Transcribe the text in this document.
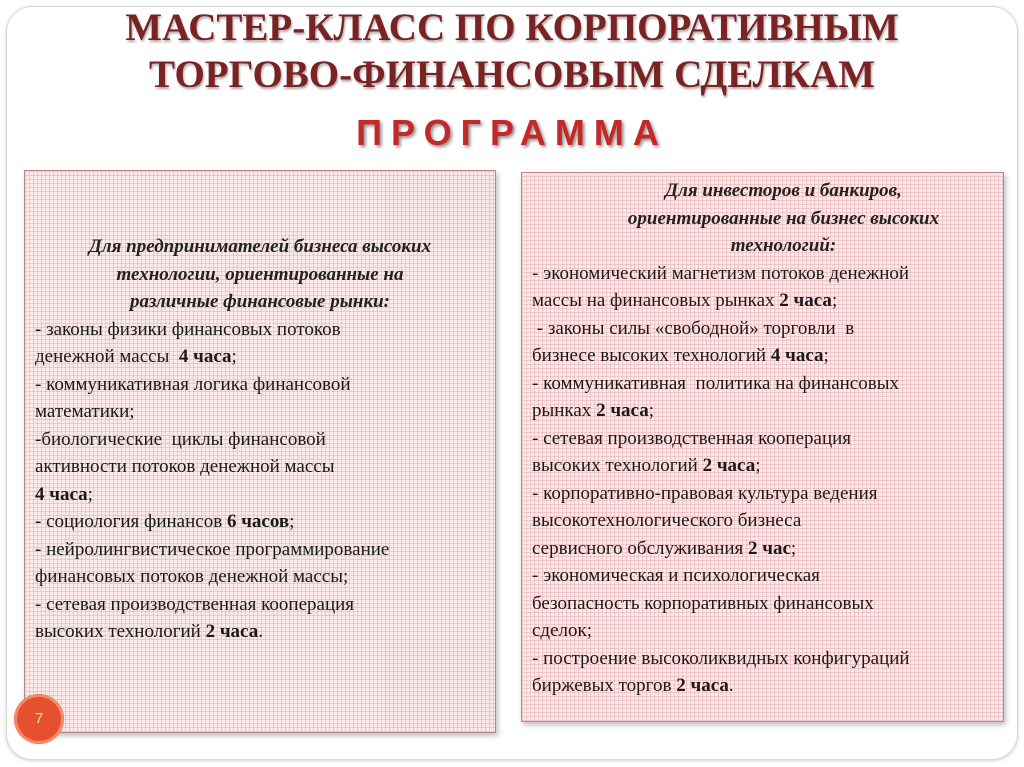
МАСТЕР-КЛАСС ПО КОРПОРАТИВНЫМ
ТОРГОВО-ФИНАНСОВЫМ СДЕЛКАМ
ПРОГРАММА
Для предпринимателей бизнеса высоких
технологии, ориентированные на
различные финансовые рынки:
- законы физики финансовых потоков
денежной массы  4 часа;
- коммуникативная логика финансовой
математики;
-биологические  циклы финансовой
активности потоков денежной массы
4 часа;
- социология финансов 6 часов;
- нейролингвистическое программирование
финансовых потоков денежной массы;
- сетевая производственная кооперация
высоких технологий 2 часа.
Для инвесторов и банкиров,
ориентированные на бизнес высоких
технологий:
- экономический магнетизм потоков денежной
массы на финансовых рынках 2 часа;
- законы силы «свободной» торговли  в
бизнесе высоких технологий 4 часа;
- коммуникативная  политика на финансовых
рынках 2 часа;
- сетевая производственная кооперация
высоких технологий 2 часа;
- корпоративно-правовая культура ведения
высокотехнологического бизнеса
сервисного обслуживания 2 час;
- экономическая и психологическая
безопасность корпоративных финансовых
сделок;
- построение высоколиквидных конфигураций
биржевых торгов 2 часа.
7
